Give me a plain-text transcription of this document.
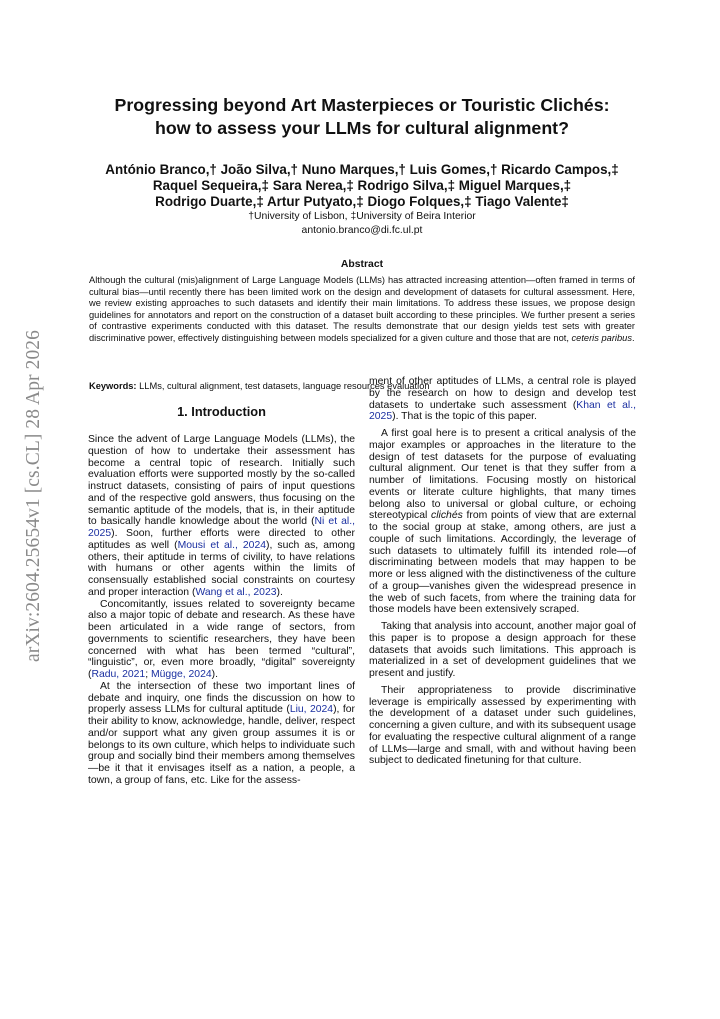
arXiv:2604.25654v1 [cs.CL] 28 Apr 2026
Progressing beyond Art Masterpieces or Touristic Clichés:
how to assess your LLMs for cultural alignment?
António Branco,† João Silva,† Nuno Marques,† Luis Gomes,† Ricardo Campos,‡
Raquel Sequeira,‡ Sara Nerea,‡ Rodrigo Silva,‡ Miguel Marques,‡
Rodrigo Duarte,‡ Artur Putyato,‡ Diogo Folques,‡ Tiago Valente‡
†University of Lisbon, ‡University of Beira Interior
antonio.branco@di.fc.ul.pt
Abstract
Although the cultural (mis)alignment of Large Language Models (LLMs) has attracted increasing attention—often framed in terms of cultural bias—until recently there has been limited work on the design and development of datasets for cultural assessment. Here, we review existing approaches to such datasets and identify their main limitations. To address these issues, we propose design guidelines for annotators and report on the construction of a dataset built according to these principles. We further present a series of contrastive experiments conducted with this dataset. The results demonstrate that our design yields test sets with greater discriminative power, effectively distinguishing between models specialized for a given culture and those that are not, ceteris paribus.
Keywords: LLMs, cultural alignment, test datasets, language resources evaluation
1. Introduction

Since the advent of Large Language Models (LLMs), the question of how to undertake their assessment has become a central topic of research. Initially such evaluation efforts were supported mostly by the so-called instruct datasets, consisting of pairs of input questions and of the respective gold answers, thus focusing on the semantic aptitude of the models, that is, in their aptitude to basically handle knowledge about the world (Ni et al., 2025). Soon, further efforts were directed to other aptitudes as well (Mousi et al., 2024), such as, among others, their aptitude in terms of civility, to have relations with humans or other agents within the limits of consensually established social constraints on courtesy and proper interaction (Wang et al., 2023).

Concomitantly, issues related to sovereignty became also a major topic of debate and research. As these have been articulated in a wide range of sectors, from governments to scientific researchers, they have been concerned with what has been termed “cultural”, “linguistic”, or, even more broadly, “digital” sovereignty (Radu, 2021; Mügge, 2024).

At the intersection of these two important lines of debate and inquiry, one finds the discussion on how to properly assess LLMs for cultural aptitude (Liu, 2024), for their ability to know, acknowledge, handle, deliver, respect and/or support what any given group assumes it is or belongs to its own culture, which helps to individuate such group and socially bind their members among themselves—be it that it envisages itself as a nation, a people, a town, a group of fans, etc. Like for the assess-

ment of other aptitudes of LLMs, a central role is played by the research on how to design and develop test datasets to undertake such assessment (Khan et al., 2025). That is the topic of this paper.

A first goal here is to present a critical analysis of the major examples or approaches in the literature to the design of test datasets for the purpose of evaluating cultural alignment. Our tenet is that they suffer from a number of limitations. Focusing mostly on historical events or literate culture highlights, that many times belong also to universal or global culture, or echoing stereotypical clichés from points of view that are external to the social group at stake, among others, are just a couple of such limitations. Accordingly, the leverage of such datasets to ultimately fulfill its intended role—of discriminating between models that may happen to be more or less aligned with the distinctiveness of the culture of a group—vanishes given the widespread presence in the web of such facets, from where the training data for those models have been extensively scraped.

Taking that analysis into account, another major goal of this paper is to propose a design approach for these datasets that avoids such limitations. This approach is materialized in a set of development guidelines that we present and justify.

Their appropriateness to provide discriminative leverage is empirically assessed by experimenting with the development of a dataset under such guidelines, concerning a given culture, and with its subsequent usage for evaluating the respective cultural alignment of a range of LLMs—large and small, with and without having been subject to dedicated finetuning for that culture.
